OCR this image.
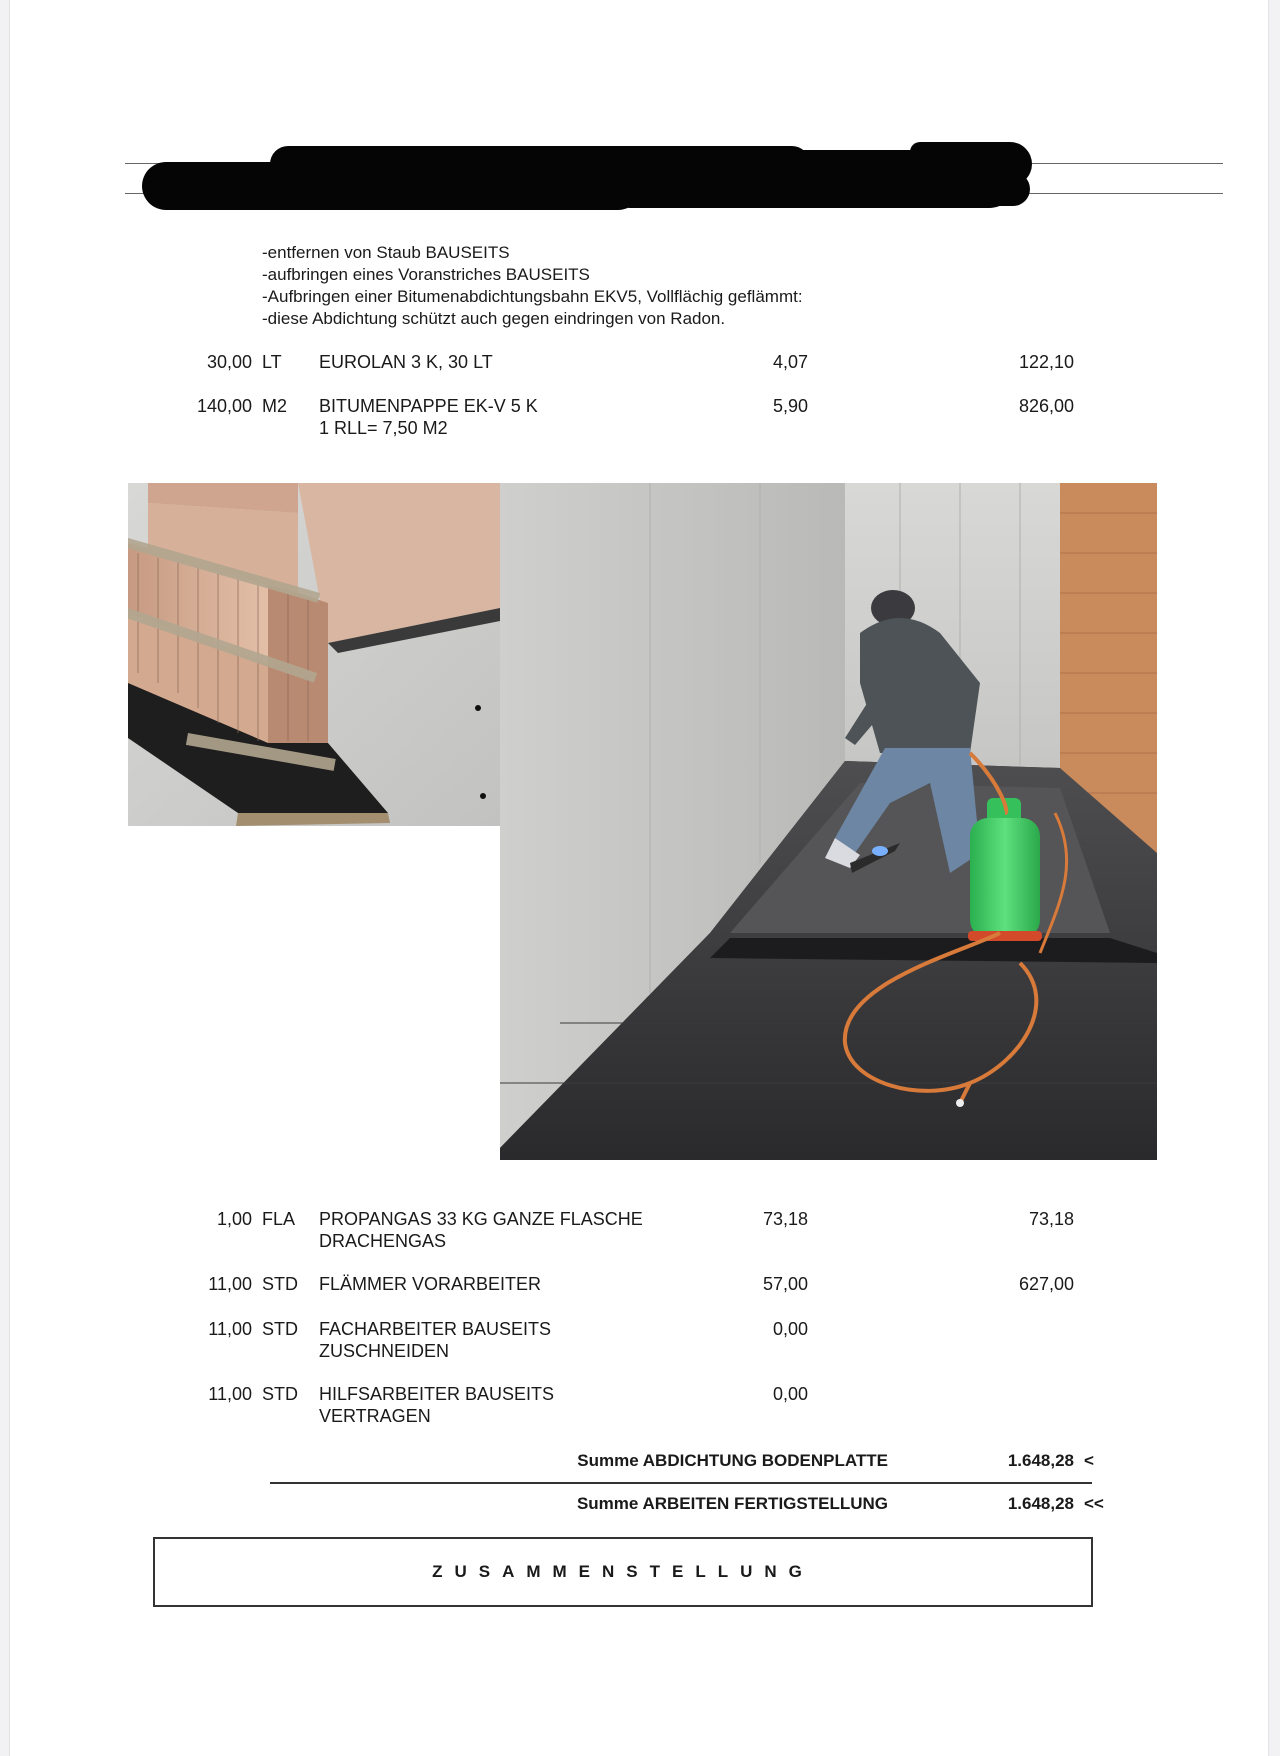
-entfernen von Staub BAUSEITS
-aufbringen eines Voranstriches BAUSEITS
-Aufbringen einer Bitumenabdichtungsbahn EKV5, Vollflächig geflämmt:
-diese Abdichtung schützt auch gegen eindringen von Radon.
30,00 LT EUROLAN 3 K, 30 LT	4,07	122,10
140,00 M2 BITUMENPAPPE EK-V 5 K
1 RLL= 7,50 M2
5,90	826,00
1,00 FLA PROPANGAS 33 KG GANZE FLASCHE
DRACHENGAS
73,18	73,18
11,00 STD FLÄMMER VORARBEITER	57,00	627,00
11,00 STD FACHARBEITER BAUSEITS
ZUSCHNEIDEN
0,00
11,00 STD HILFSARBEITER BAUSEITS
VERTRAGEN
0,00
Summe ABDICHTUNG BODENPLATTE	1.648,28 <
Summe ARBEITEN FERTIGSTELLUNG	1.648,28 <<
ZUSAMMENSTELLUNG
